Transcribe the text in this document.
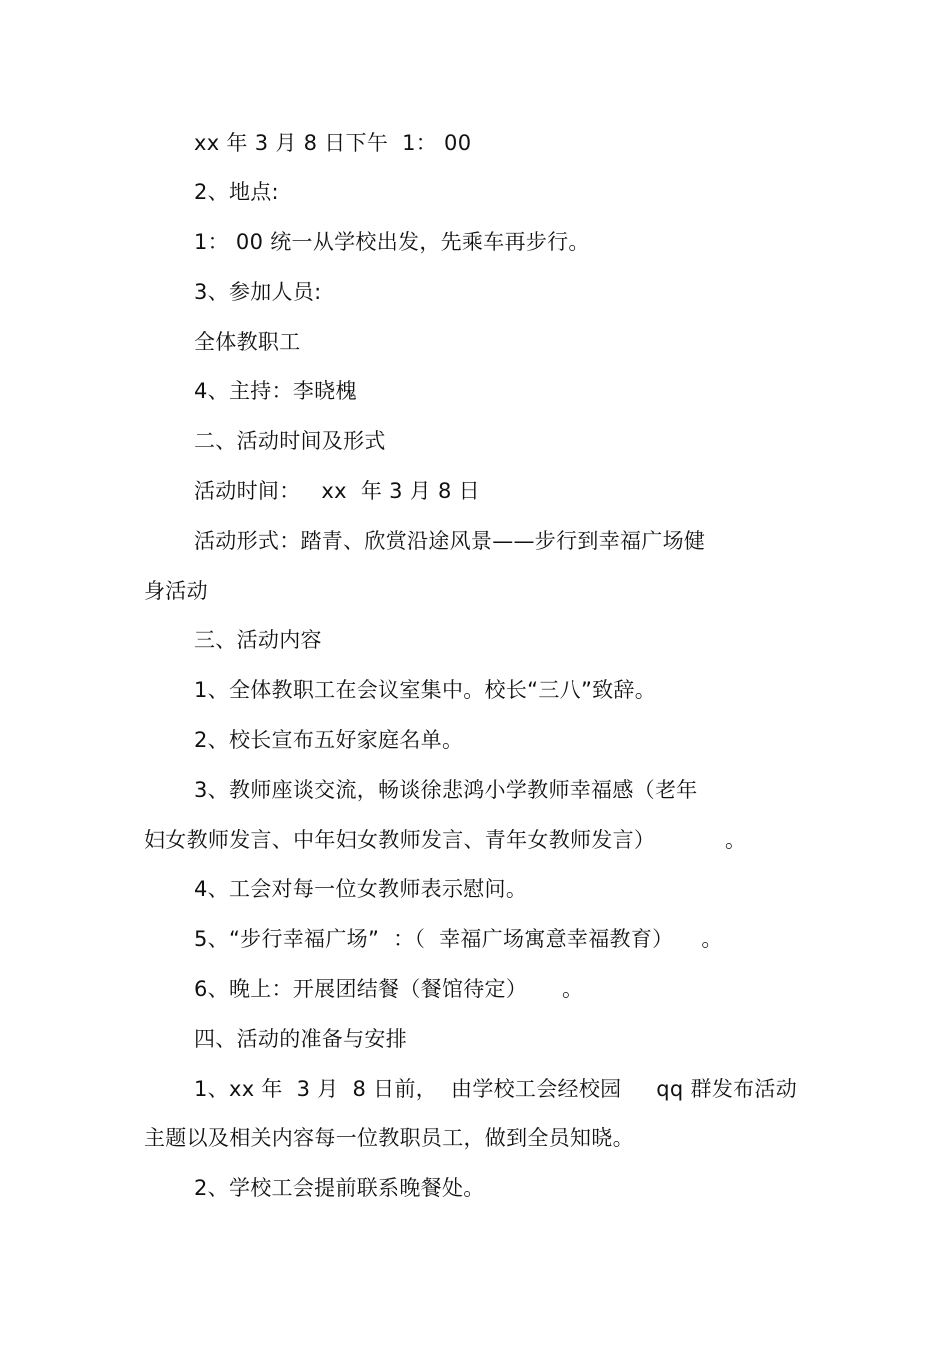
xx 年 3 月 8 日下午  1： 00
2、地点:
1： 00 统一从学校出发，先乘车再步行。
3、参加人员:
全体教职工
4、主持：李晓槐
二、活动时间及形式
活动时间：   xx  年 3 月 8 日
活动形式：踏青、欣赏沿途风景——步行到幸福广场健
身活动
三、活动内容
1、全体教职工在会议室集中。校长“三八”致辞。
2、校长宣布五好家庭名单。
3、教师座谈交流，畅谈徐悲鸿小学教师幸福感（老年
妇女教师发言、中年妇女教师发言、青年女教师发言）          。
4、工会对每一位女教师表示慰问。
5、“步行幸福广场”  ：（  幸福广场寓意幸福教育）    。
6、晚上：开展团结餐（餐馆待定）     。
四、活动的准备与安排
1、xx 年  3 月  8 日前，  由学校工会经校园     qq 群发布活动
主题以及相关内容每一位教职员工，做到全员知晓。
2、学校工会提前联系晚餐处。
